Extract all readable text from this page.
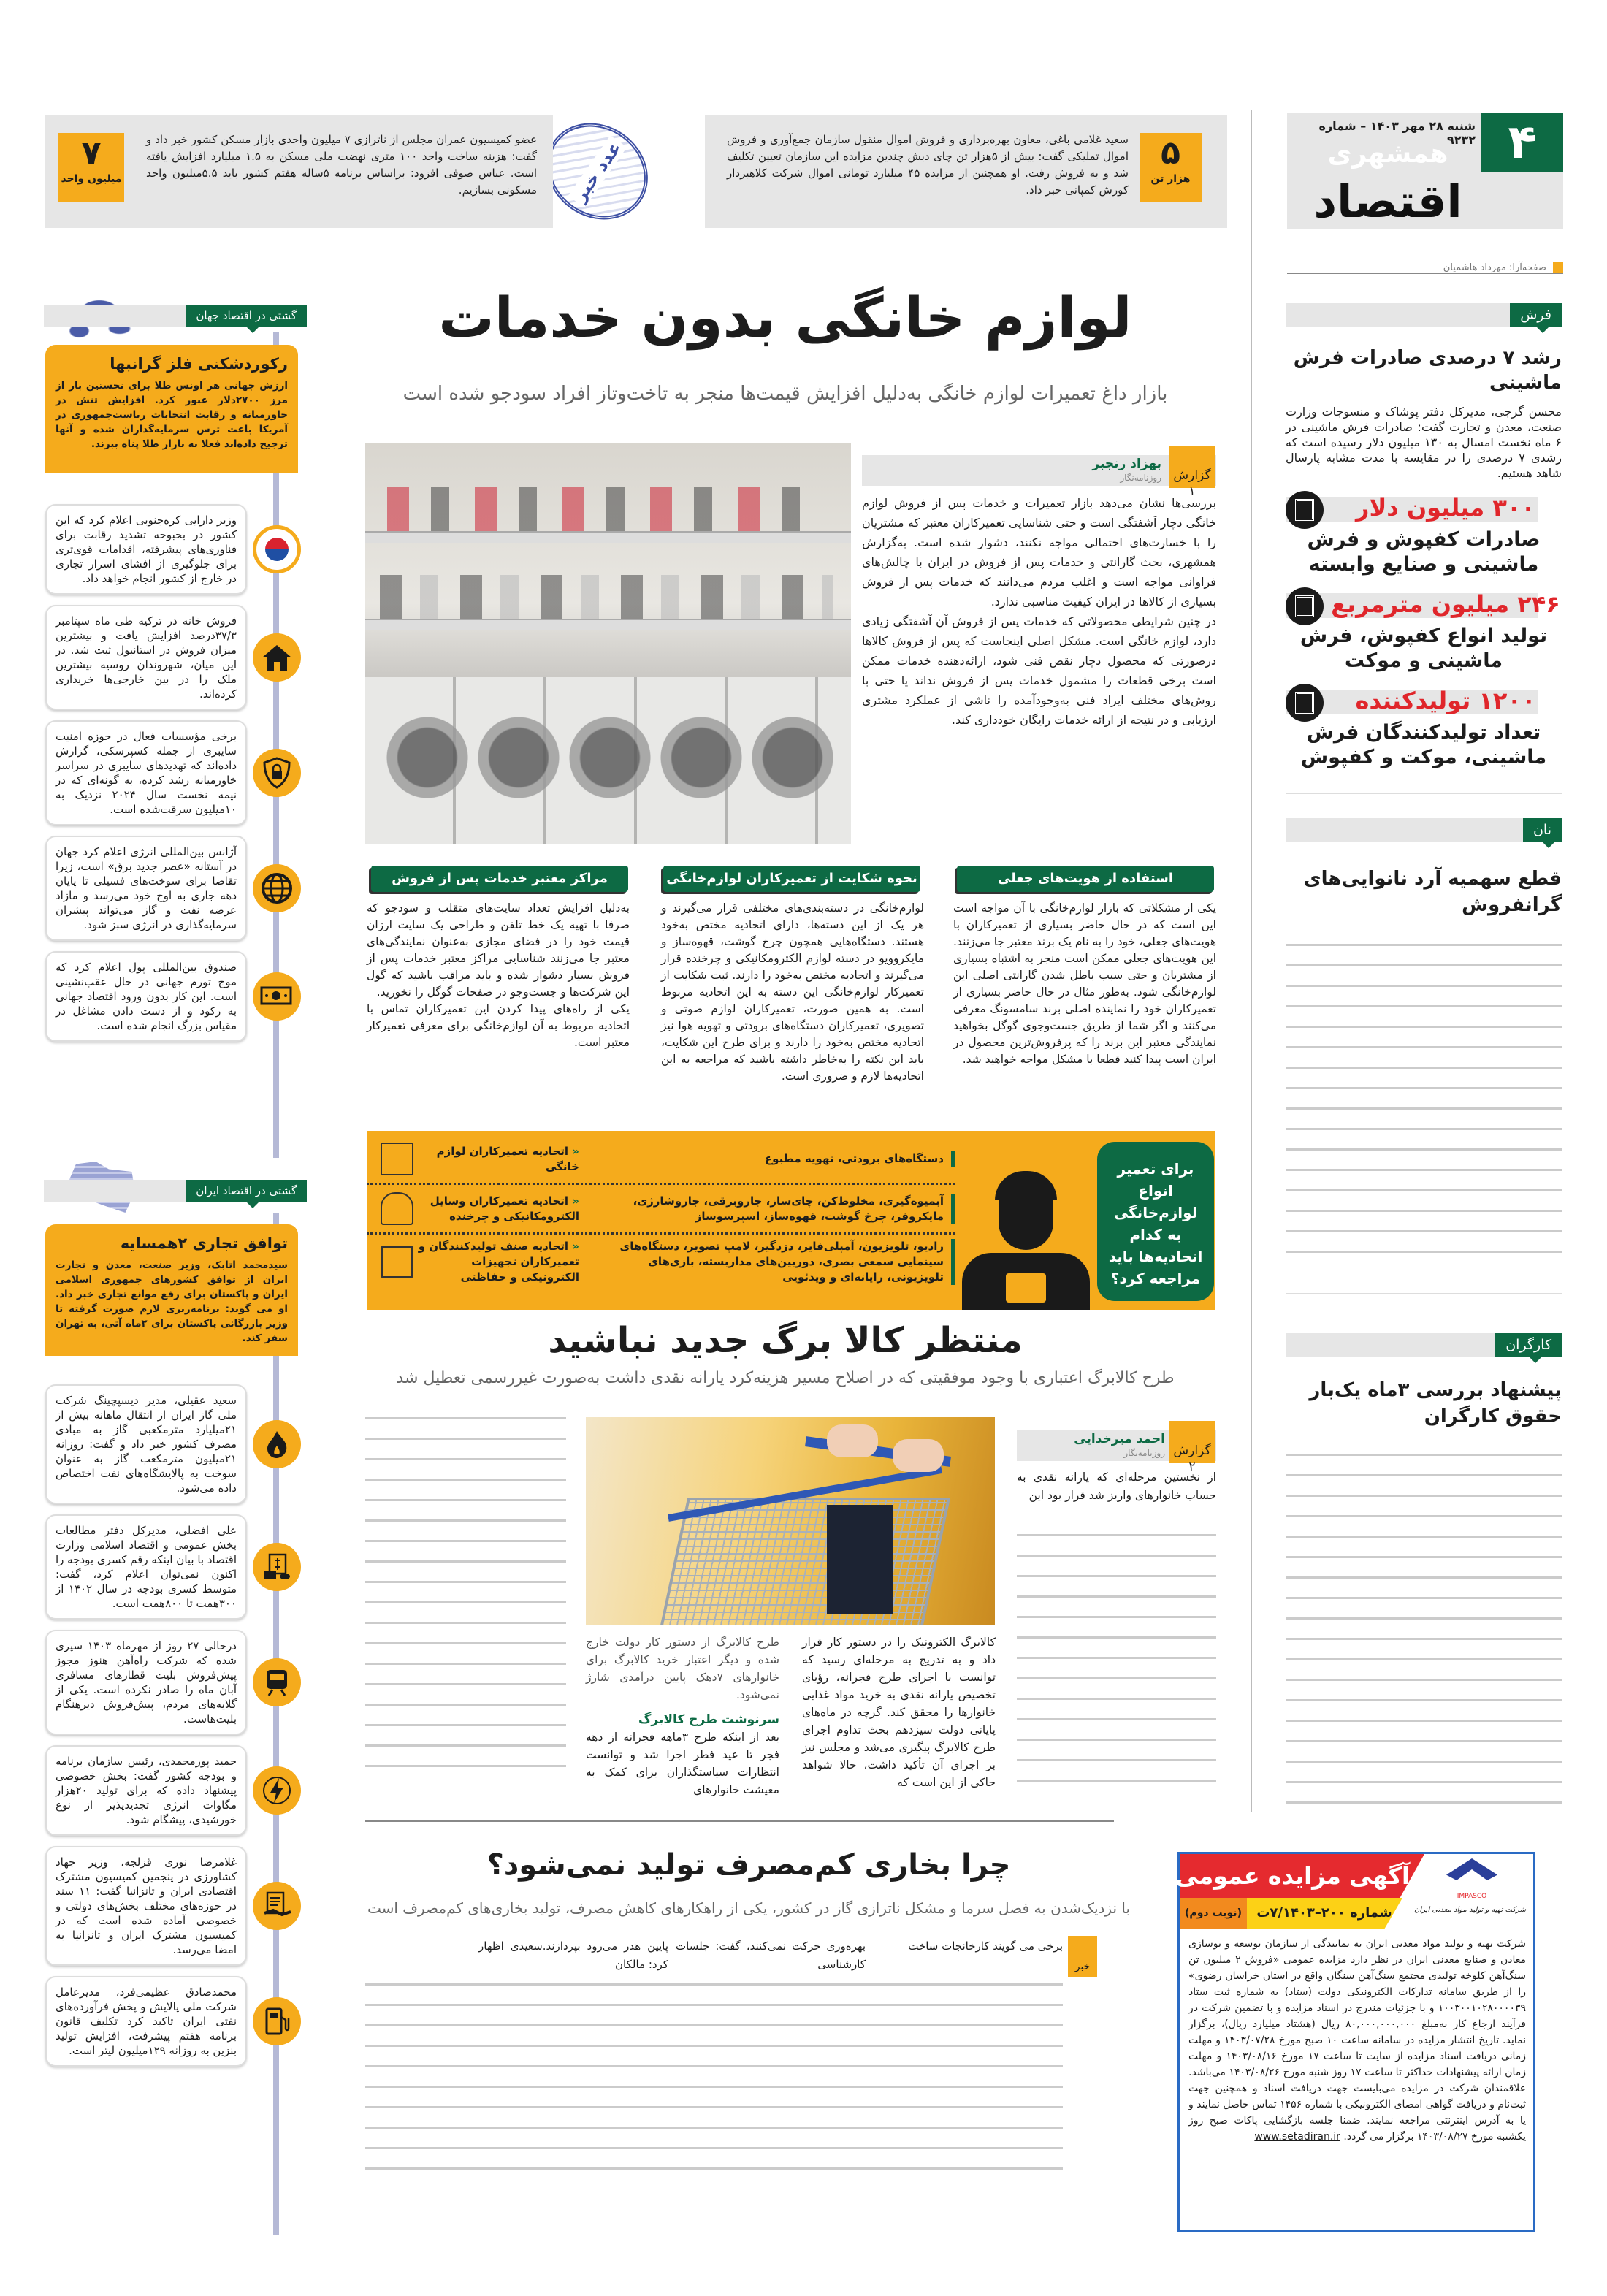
۴
شنبه ۲۸ مهر ۱۴۰۳ – شماره ۹۲۳۲
همشهری
اقتصاد
صفحه‌آرا: مهرداد هاشمیان
۵
هزار تن
سعید غلامی باغی، معاون بهره‌برداری و فروش اموال منقول سازمان جمع‌آوری و فروش اموال تملیکی گفت: بیش از ۵هزار تن چای دبش چندین مزایده این سازمان تعیین تکلیف شد و به فروش رفت. او همچنین از مزایده ۴۵ میلیارد تومانی اموال شرکت کلاهبردار کورش کمپانی خبر داد.
عدد خبر
۷
میلیون واحد
عضو کمیسیون عمران مجلس از ناترازی ۷ میلیون واحدی بازار مسکن کشور خبر داد و گفت: هزینه ساخت واحد ۱۰۰ متری نهضت ملی مسکن به ۱.۵ میلیارد افزایش یافته است. عباس صوفی افزود: براساس برنامه ۵ساله هفتم کشور باید ۵.۵میلیون واحد مسکونی بسازیم.
فرش
رشد ۷ درصدی صادرات فرش ماشینی
محسن گرجی، مدیرکل دفتر پوشاک و منسوجات وزارت صنعت، معدن و تجارت گفت: صادرات فرش ماشینی در ۶ ماه نخست امسال به ۱۳۰ میلیون دلار رسیده است که رشدی ۷ درصدی را در مقایسه با مدت مشابه پارسال شاهد هستیم.
۳۰۰ میلیون دلار
صادرات کفپوش و فرش ماشینی و صنایع وابسته
۲۴۶ میلیون مترمربع
تولید انواع کفپوش، فرش ماشینی و موکت
۱۲۰۰ تولیدکننده
تعداد تولیدکنندگان فرش ماشینی، موکت و کفپوش
نان
قطع سهمیه آرد نانوایی‌های گرانفروش
کارگران
پیشنهاد بررسی ۳ماه یک‌بار حقوق کارگران
آگهی مزایده عمومی
شماره ۲۰۰–۷/۱۴۰۳ت
(نوبت دوم)
IMPASCO
شرکت تهیه و تولید مواد معدنی ایران
شرکت تهیه و تولید مواد معدنی ایران به نمایندگی از سازمان توسعه و نوسازی معادن و صنایع معدنی ایران در نظر دارد مزایده عمومی «فروش ۲ میلیون تن سنگ‌آهن کلوخه تولیدی مجتمع سنگ‌آهن سنگان واقع در استان خراسان رضوی» را از طریق سامانه تدارکات الکترونیکی دولت (ستاد) به شماره ثبت ستاد ۱۰۰۳۰۰۱۰۲۸۰۰۰۰۳۹ و با جزئیات مندرج در اسناد مزایده و با تضمین شرکت در فرآیند ارجاع کار به‌مبلغ ۸۰,۰۰۰,۰۰۰,۰۰۰ ریال (هشتاد میلیارد ریال)، برگزار نماید. تاریخ انتشار مزایده در سامانه ساعت ۱۰ صبح مورخ ۱۴۰۳/۰۷/۲۸ و مهلت زمانی دریافت اسناد مزایده از سایت تا ساعت ۱۷ مورخ ۱۴۰۳/۰۸/۱۶ و مهلت زمان ارائه پیشنهادات حداکثر تا ساعت ۱۷ روز شنبه مورخ ۱۴۰۳/۰۸/۲۶ می‌باشد. علاقمندان شرکت در مزایده می‌بایست جهت دریافت اسناد و همچنین جهت ثبت‌نام و دریافت گواهی امضای الکترونیکی با شماره ۱۴۵۶ تماس حاصل نمایند و یا به آدرس اینترنتی مراجعه نمایند. ضمنا جلسه بازگشایی پاکات صبح روز یکشنبه مورخ ۱۴۰۳/۰۸/۲۷ برگزار می گردد. www.setadiran.ir
لوازم خانگی بدون خدمات
بازار داغ تعمیرات لوازم خانگی به‌دلیل افزایش قیمت‌ها منجر به تاخت‌وتاز افراد سودجو شده است
گزارش ۱
بهزاد رنجبر
روزنامه‌نگار
بررسی‌ها نشان می‌دهد بازار تعمیرات و خدمات پس از فروش لوازم خانگی دچار آشفتگی است و حتی شناسایی تعمیرکاران معتبر که مشتریان را با خسارت‌های احتمالی مواجه نکنند، دشوار شده است. به‌گزارش همشهری، بحث گارانتی و خدمات پس از فروش در ایران با چالش‌های فراوانی مواجه است و اغلب مردم می‌دانند که خدمات پس از فروش بسیاری از کالاها در ایران کیفیت مناسبی ندارد.
در چنین شرایطی محصولاتی که خدمات پس از فروش آن آشفتگی زیادی دارد، لوازم خانگی است. مشکل اصلی اینجاست که پس از فروش کالاها درصورتی که محصول دچار نقص فنی شود، ارائه‌دهنده خدمات ممکن است برخی قطعات را مشمول خدمات پس از فروش نداند یا حتی با روش‌های مختلف ایراد فنی به‌وجودآمده را ناشی از عملکرد مشتری ارزیابی و در نتیجه از ارائه خدمات رایگان خودداری کند.
استفاده از هویت‌های جعلی
نحوه شکایت از تعمیرکاران لوازم‌خانگی
مراکز معتبر خدمات پس از فروش
یکی از مشکلاتی که بازار لوازم‌خانگی با آن مواجه است این است که در حال حاضر بسیاری از تعمیرکاران با هویت‌های جعلی، خود را به نام یک برند معتبر جا می‌زنند. این هویت‌های جعلی ممکن است منجر به اشتباه بسیاری از مشتریان و حتی سبب باطل شدن گارانتی اصلی این لوازم‌خانگی شود. به‌طور مثال در حال حاضر بسیاری از تعمیرکاران خود را نماینده اصلی برند سامسونگ معرفی می‌کنند و اگر شما از طریق جست‌وجوی گوگل بخواهید نمایندگی معتبر این برند را که پرفروش‌ترین محصول در ایران است پیدا کنید قطعا با مشکل مواجه خواهید شد.
لوازم‌خانگی در دسته‌بندی‌های مختلفی قرار می‌گیرند و هر یک از این دسته‌ها، دارای اتحادیه مختص به‌خود هستند. دستگاه‌هایی همچون چرخ گوشت، قهوه‌ساز و مایکروویو در دسته لوازم الکترومکانیکی و چرخنده قرار می‌گیرند و اتحادیه مختص به‌خود را دارند. ثبت شکایت از تعمیرکار لوازم‌خانگی این دسته به این اتحادیه مربوط است. به همین صورت، تعمیرکاران لوازم صوتی و تصویری، تعمیرکاران دستگاه‌های برودتی و تهویه هوا نیز اتحادیه مختص به‌خود را دارند و برای طرح این شکایت، باید این نکته را به‌خاطر داشته باشید که مراجعه به این اتحادیه‌ها لازم و ضروری است.
به‌دلیل افزایش تعداد سایت‌های متقلب و سودجو که صرفا با تهیه یک خط تلفن و طراحی یک سایت ارزان قیمت خود را در فضای مجازی به‌عنوان نمایندگی‌های معتبر جا می‌زنند شناسایی مراکز معتبر خدمات پس از فروش بسیار دشوار شده و باید مراقب باشید که گول این شرکت‌ها و جست‌وجو در صفحات گوگل را نخورید.
یکی از راه‌های پیدا کردن این تعمیرکاران تماس با اتحادیه مربوط به آن لوازم‌خانگی برای معرفی تعمیرکار معتبر است.
برای تعمیر انواع لوازم‌خانگی به کدام اتحادیه‌ها باید مراجعه کرد؟
دستگاه‌های برودتی، تهویه مطبوع
« اتحادیه تعمیرکاران لوازم خانگی
آبمیوه‌گیری، مخلوط‌کن، چای‌ساز، جاروبرقی، جاروشارژی، مایکروفر، چرخ گوشت، قهوه‌ساز، اسپرسوساز
« اتحادیه تعمیرکاران وسایل الکترومکانیکی و چرخنده
رادیو، تلویزیون، آمپلی‌فایر، دزدگیر، لامپ تصویر، دستگاه‌های سینمایی سمعی بصری، دوربین‌های مداربسته، بازی‌های تلویزیونی، رایانه‌ای و ویدئویی
« اتحادیه صنف تولیدکنندگان و تعمیرکاران تجهیزات الکترونیکی و حفاظتی
منتظر کالا برگ جدید نباشید
طرح کالابرگ اعتباری با وجود موفقیتی که در اصلاح مسیر هزینه‌کرد یارانه نقدی داشت به‌صورت غیررسمی تعطیل شد
گزارش ۲
احمد میرخدایی
روزنامه‌نگار
از نخستین مرحله‌ای که یارانه نقدی به حساب خانوارهای واریز شد قرار بود این
کالابرگ الکترونیک را در دستور کار قرار داد و به تدریج به مرحله‌ای رسید که توانست با اجرای طرح فجرانه، رؤیای تخصیص یارانه نقدی به خرید مواد غذایی خانوارها را محقق کند. گرچه در ماه‌های پایانی دولت سیزدهم بحث تداوم اجرای طرح کالابرگ پیگیری می‌شد و مجلس نیز بر اجرای آن تأکید داشت، حالا شواهد حاکی از این است که
طرح کالابرگ از دستور کار دولت خارج شده و دیگر اعتبار خرید کالابرگ برای خانوارهای ۷دهک پایین درآمدی شارژ نمی‌شود.
سرنوشت طرح کالابرگ
بعد از اینکه طرح ۳ماهه فجرانه از دهه فجر تا عید فطر اجرا شد و توانست انتظارات سیاستگذاران برای کمک به معیشت خانوارهای
چرا بخاری کم‌مصرف تولید نمی‌شود؟
با نزدیک‌شدن به فصل سرما و مشکل ناترازی گاز در کشور، یکی از راهکارهای کاهش مصرف، تولید بخاری‌های کم‌مصرف است
خبر
برخی می گویند کارخانجات ساخت
بهره‌وری حرکت نمی‌کنند، گفت: جلسات کارشناسی
پایین هدر می‌رود بپردازند.سعیدی اظهار کرد: مالکان
گشتی در اقتصاد جهان
رکوردشکنی فلز گرانبها
ارزش جهانی هر اونس طلا برای نخستین بار از مرز ۲۷۰۰دلار عبور کرد. افزایش تنش در خاورمیانه و رقابت انتخابات ریاست‌جمهوری در آمریکا باعث ترس سرمایه‌گذاران شده و آنها ترجیح داده‌اند فعلا به بازار طلا پناه ببرند.
وزیر دارایی کره‌جنوبی اعلام کرد که این کشور در بحبوحه تشدید رقابت برای فناوری‌های پیشرفته، اقدامات قوی‌تری برای جلوگیری از افشای اسرار تجاری در خارج از کشور انجام خواهد داد.
فروش خانه در ترکیه طی ماه سپتامبر ۳۷/۳درصد افزایش یافت و بیشترین میزان فروش در استانبول ثبت شد. در این میان، شهروندان روسیه بیشترین ملک را در بین خارجی‌ها خریداری کرده‌اند.
برخی مؤسسات فعال در حوزه امنیت سایبری از جمله کسپرسکی، گزارش داده‌اند که تهدیدهای سایبری در سراسر خاورمیانه رشد کرده، به گونه‌ای که در نیمه نخست سال ۲۰۲۴ نزدیک به ۱۰میلیون سرقت‌شده است.
آژانس بین‌المللی انرژی اعلام کرد جهان در آستانه «عصر جدید برق» است، زیرا تقاضا برای سوخت‌های فسیلی تا پایان دهه جاری به اوج خود می‌رسد و مازاد عرضه نفت و گاز می‌تواند پیشران سرمایه‌گذاری در انرژی سبز شود.
صندوق بین‌المللی پول اعلام کرد که موج تورم جهانی در حال عقب‌نشینی است. این کار بدون ورود اقتصاد جهانی به رکود و از دست دادن مشاغل در مقیاس بزرگ انجام شده است.
گشتی در اقتصاد ایران
توافق تجاری ۲همسایه
سیدمحمد اتابک، وزیر صنعت، معدن و تجارت ایران از توافق کشورهای جمهوری اسلامی ایران و پاکستان برای رفع موانع تجاری خبر داد. او می گوید: برنامه‌ریزی لازم صورت گرفته تا وزیر بازرگانی پاکستان برای ۲ماه آتی، به تهران سفر کند.
سعید عقیلی، مدیر دیسپچینگ شرکت ملی گاز ایران از انتقال ماهانه بیش از ۲۱میلیارد مترمکعبی گاز به مبادی مصرف کشور خبر داد و گفت: روزانه ۲۱میلیون مترمکعب گاز به عنوان سوخت به پالایشگاه‌های نفت اختصاص داده می‌شود.
علی افضلی، مدیرکل دفتر مطالعات بخش عمومی و اقتصاد اسلامی وزارت اقتصاد با بیان اینکه رقم کسری بودجه را اکنون نمی‌توان اعلام کرد، گفت: متوسط کسری بودجه در سال ۱۴۰۲ از ۳۰۰همت تا ۸۰۰همت است.
درحالی ۲۷ روز از مهرماه ۱۴۰۳ سپری شده که شرکت راه‌آهن هنوز مجوز پیش‌فروش بلیت قطارهای مسافری آبان ماه را صادر نکرده است. یکی از گلایه‌های مردم، پیش‌فروش دیرهنگام بلیت‌هاست.
حمید پورمحمدی، رئیس سازمان برنامه و بودجه کشور گفت: بخش خصوصی پیشنهاد داده که برای تولید ۲۰هزار مگاوات انرژی تجدیدپذیر از نوع خورشیدی، پیشگام شود.
غلامرضا نوری قزلجه، وزیر جهاد کشاورزی در پنجمین کمیسیون مشترک اقتصادی ایران و تانزانیا گفت: ۱۱ سند در حوزه‌های مختلف بخش‌های دولتی و خصوصی آماده شده است که در کمیسیون مشترک ایران و تانزانیا به امضا می‌رسد.
محمدصادق عظیمی‌فرد، مدیرعامل شرکت ملی پالایش و پخش فرآورده‌های نفتی ایران تاکید کرد تکلیف قانون برنامه هفتم پیشرفت، افزایش تولید بنزین به روزانه ۱۲۹میلیون لیتر است.
